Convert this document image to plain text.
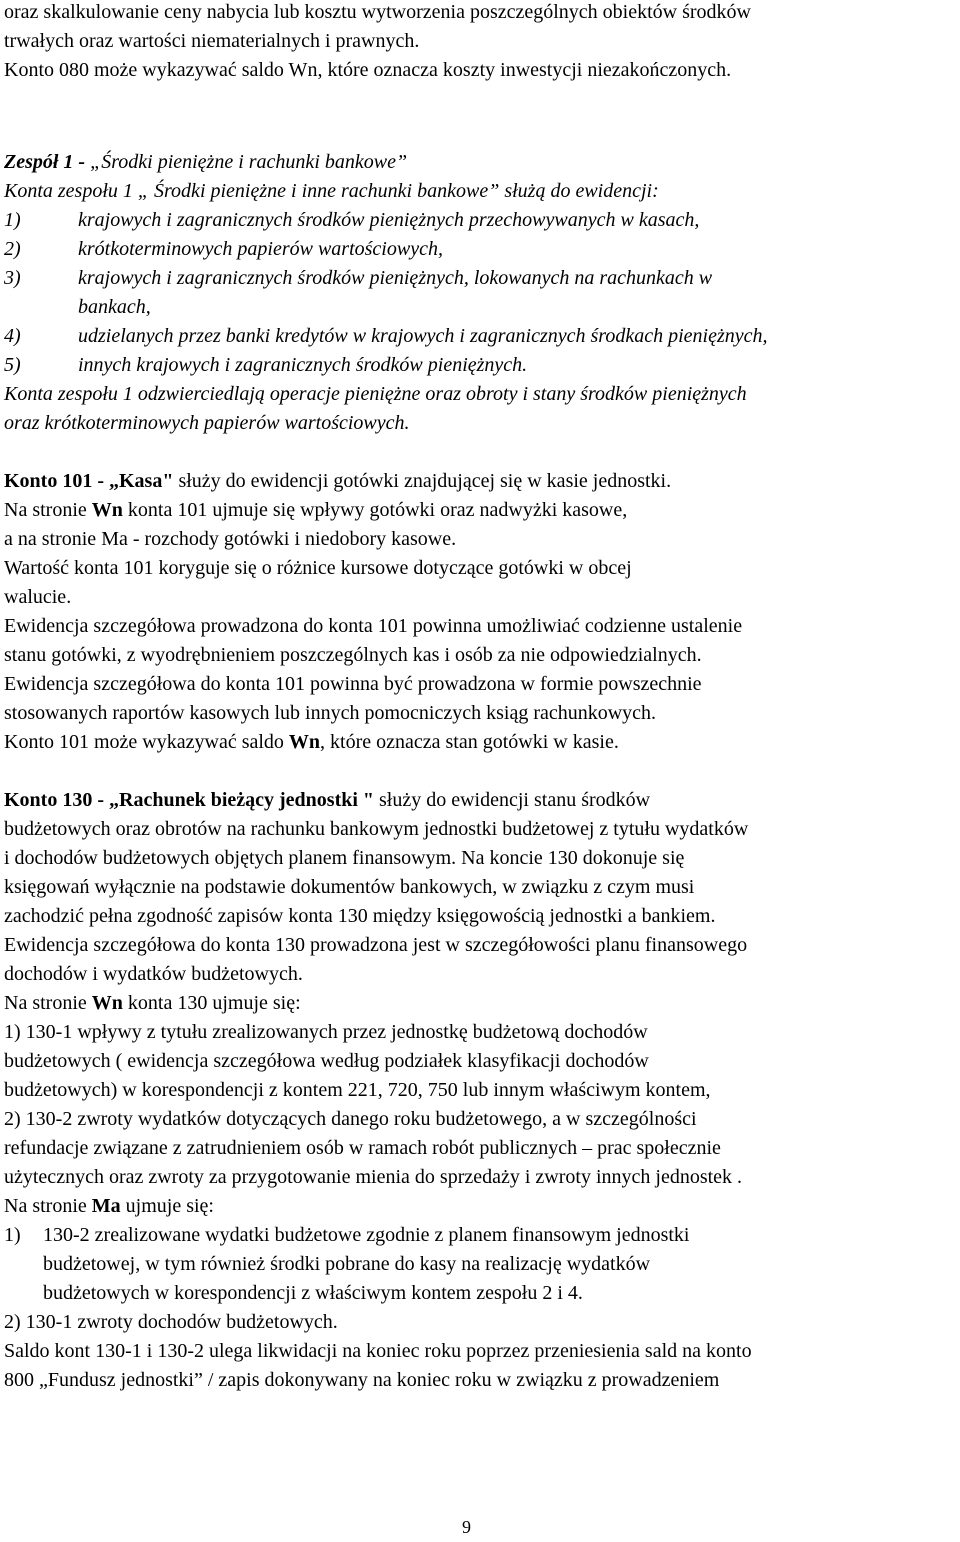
oraz skalkulowanie ceny nabycia lub kosztu wytworzenia poszczególnych obiektów środków
trwałych oraz wartości niematerialnych i prawnych.
Konto 080 może wykazywać saldo Wn, które oznacza koszty inwestycji niezakończonych.
Zespół 1 - „Środki pieniężne i rachunki bankowe”
Konta zespołu 1 „ Środki pieniężne i inne rachunki bankowe” służą do ewidencji:
1)	krajowych i zagranicznych środków pieniężnych przechowywanych w kasach,
2)	krótkoterminowych papierów wartościowych,
3)	krajowych i zagranicznych środków pieniężnych, lokowanych na rachunkach w
bankach,
4)	udzielanych przez banki kredytów w krajowych i zagranicznych środkach pieniężnych,
5)	innych krajowych i zagranicznych środków pieniężnych.
Konta zespołu 1 odzwierciedlają operacje pieniężne oraz obroty i stany środków pieniężnych
oraz krótkoterminowych papierów wartościowych.
Konto 101 - „Kasa" służy do ewidencji gotówki znajdującej się w kasie jednostki.
Na stronie Wn konta 101 ujmuje się wpływy gotówki oraz nadwyżki kasowe,
a na stronie Ma - rozchody gotówki i niedobory kasowe.
Wartość konta 101 koryguje się o różnice kursowe dotyczące gotówki w obcej
walucie.
Ewidencja szczegółowa prowadzona do konta 101 powinna umożliwiać codzienne ustalenie
stanu gotówki, z wyodrębnieniem poszczególnych kas i osób za nie odpowiedzialnych.
Ewidencja szczegółowa do konta 101 powinna być prowadzona w formie powszechnie
stosowanych raportów kasowych lub innych pomocniczych ksiąg rachunkowych.
Konto 101 może wykazywać saldo Wn, które oznacza stan gotówki w kasie.
Konto 130 - „Rachunek bieżący jednostki " służy do ewidencji stanu środków
budżetowych oraz obrotów na rachunku bankowym jednostki budżetowej z tytułu wydatków
i dochodów budżetowych objętych planem finansowym. Na koncie 130 dokonuje się
księgowań wyłącznie na podstawie dokumentów bankowych, w związku z czym musi
zachodzić pełna zgodność zapisów konta 130 między księgowością jednostki a bankiem.
Ewidencja szczegółowa do konta 130 prowadzona jest w szczegółowości planu finansowego
dochodów i wydatków budżetowych.
Na stronie Wn konta 130 ujmuje się:
1) 130-1 wpływy z tytułu zrealizowanych przez jednostkę budżetową dochodów
budżetowych ( ewidencja szczegółowa według podziałek klasyfikacji dochodów
budżetowych) w korespondencji z kontem 221, 720, 750 lub innym właściwym kontem,
2) 130-2 zwroty wydatków dotyczących danego roku budżetowego, a w szczególności
refundacje związane z zatrudnieniem osób w ramach robót publicznych – prac społecznie
użytecznych oraz zwroty za przygotowanie mienia do sprzedaży i zwroty innych jednostek .
Na stronie Ma ujmuje się:
1) 130-2 zrealizowane wydatki budżetowe zgodnie z planem finansowym jednostki
budżetowej, w tym również środki pobrane do kasy na realizację wydatków
budżetowych w korespondencji z właściwym kontem zespołu 2 i 4.
2) 130-1 zwroty dochodów budżetowych.
Saldo kont 130-1 i 130-2 ulega likwidacji na koniec roku poprzez przeniesienia sald na konto
800 „Fundusz jednostki” / zapis dokonywany na koniec roku w związku z prowadzeniem
9
